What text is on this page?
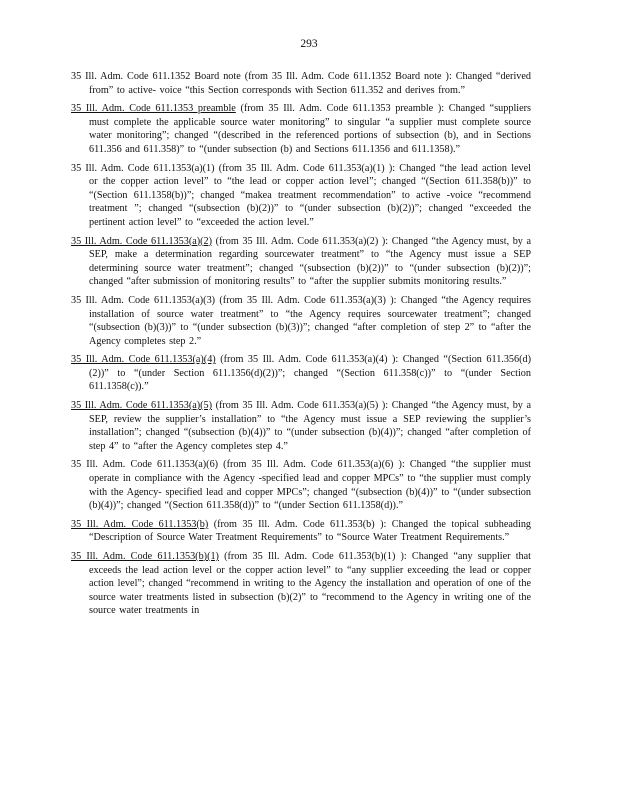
293

35 Ill. Adm. Code 611.1352 Board note (from 35 Ill. Adm. Code 611.1352 Board note ): Changed “derived from” to active- voice “this Section corresponds with Section 611.352 and derives from.”

35 Ill. Adm. Code 611.1353 preamble (from 35 Ill. Adm. Code 611.1353 preamble ): Changed “suppliers must complete the applicable source water monitoring” to singular “a supplier must complete source water monitoring”; changed “(described in the referenced portions of subsection (b), and in Sections 611.356 and 611.358)” to “(under subsection (b) and Sections 611.1356 and 611.1358).”

35 Ill. Adm. Code 611.1353(a)(1) (from 35 Ill. Adm. Code 611.353(a)(1) ): Changed “the lead action level or the copper action level” to “the lead or copper action level”; changed “(Section 611.358(b))” to “(Section 611.1358(b))”; changed “makea treatment recommendation” to active -voice “recommend treatment ”; changed “(subsection (b)(2))” to “(under subsection (b)(2))”; changed “exceeded the pertinent action level” to “exceeded the action level.”

35 Ill. Adm. Code 611.1353(a)(2) (from 35 Ill. Adm. Code 611.353(a)(2) ): Changed “the Agency must, by a SEP, make a determination regarding sourcewater treatment” to “the Agency must issue a SEP determining source water treatment”; changed “(subsection (b)(2))” to “(under subsection (b)(2))”; changed “after submission of monitoring results” to “after the supplier submits monitoring results.”

35 Ill. Adm. Code 611.1353(a)(3) (from 35 Ill. Adm. Code 611.353(a)(3) ): Changed “the Agency requires installation of source water treatment” to “the Agency requires sourcewater treatment”; changed “(subsection (b)(3))” to “(under subsection (b)(3))”; changed “after completion of step 2” to “after the Agency completes step 2.”

35 Ill. Adm. Code 611.1353(a)(4) (from 35 Ill. Adm. Code 611.353(a)(4) ): Changed “(Section 611.356(d)(2))” to “(under Section 611.1356(d)(2))”; changed “(Section 611.358(c))” to “(under Section 611.1358(c)).”

35 Ill. Adm. Code 611.1353(a)(5) (from 35 Ill. Adm. Code 611.353(a)(5) ): Changed “the Agency must, by a SEP, review the supplier’s installation” to “the Agency must issue a SEP reviewing the supplier’s installation”; changed “(subsection (b)(4))” to “(under subsection (b)(4))”; changed “after completion of step 4” to “after the Agency completes step 4.”

35 Ill. Adm. Code 611.1353(a)(6) (from 35 Ill. Adm. Code 611.353(a)(6) ): Changed “the supplier must operate in compliance with the Agency -specified lead and copper MPCs” to “the supplier must comply with the Agency- specified lead and copper MPCs”; changed “(subsection (b)(4))” to “(under subsection (b)(4))”; changed “(Section 611.358(d))” to “(under Section 611.1358(d)).”

35 Ill. Adm. Code 611.1353(b) (from 35 Ill. Adm. Code 611.353(b) ): Changed the topical subheading “Description of Source Water Treatment Requirements” to “Source Water Treatment Requirements.”

35 Ill. Adm. Code 611.1353(b)(1) (from 35 Ill. Adm. Code 611.353(b)(1) ): Changed “any supplier that exceeds the lead action level or the copper action level” to “any supplier exceeding the lead or copper action level”; changed “recommend in writing to the Agency the installation and operation of one of the source water treatments listed in subsection (b)(2)” to “recommend to the Agency in writing one of the source water treatments in
